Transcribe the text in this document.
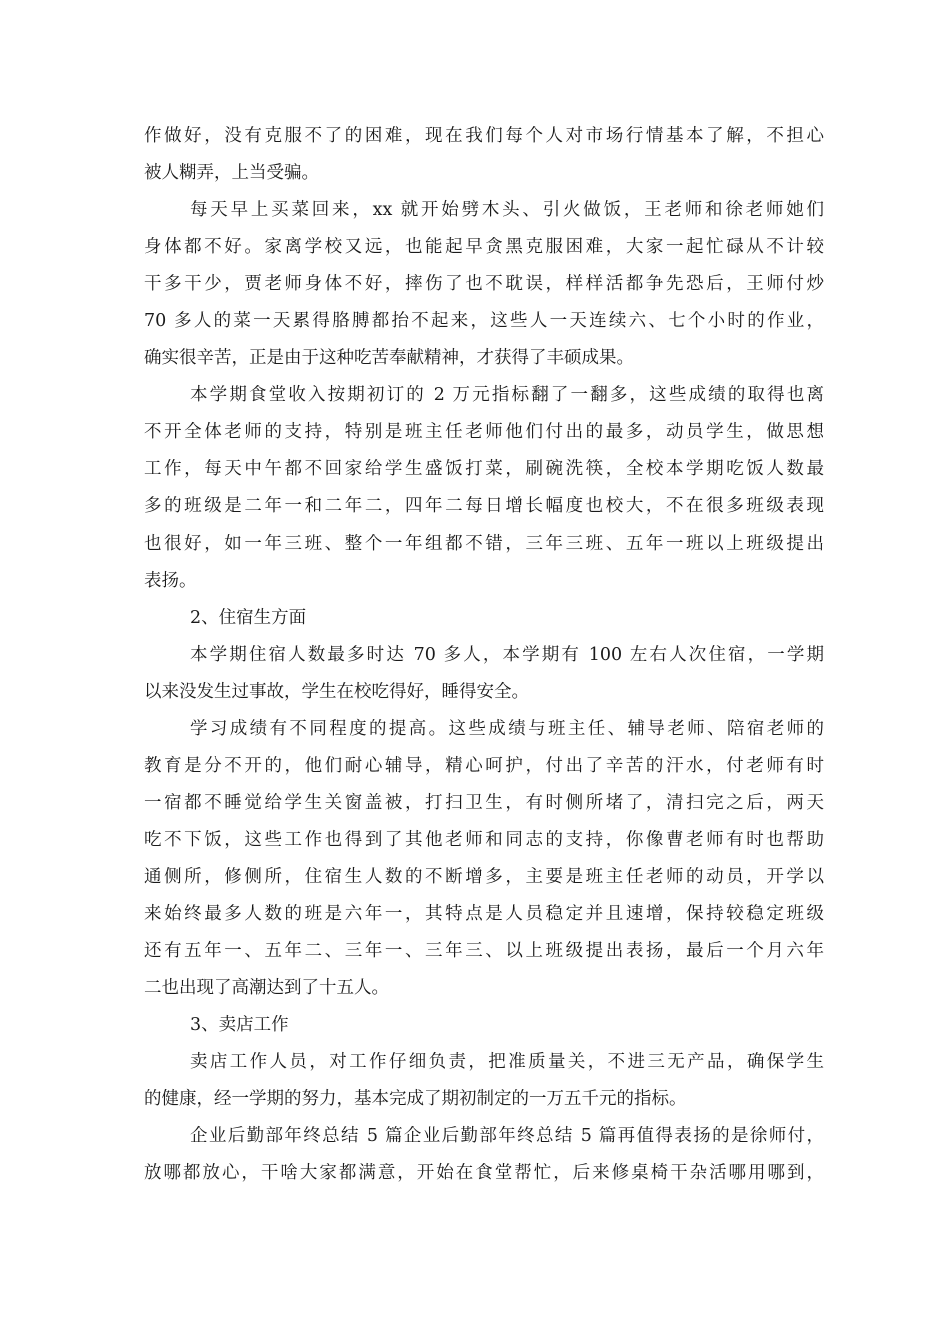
作做好，没有克服不了的困难，现在我们每个人对市场行情基本了解，不担心
被人糊弄，上当受骗。
每天早上买菜回来，xx 就开始劈木头、引火做饭，王老师和徐老师她们
身体都不好。家离学校又远，也能起早贪黑克服困难，大家一起忙碌从不计较
干多干少，贾老师身体不好，摔伤了也不耽误，样样活都争先恐后，王师付炒
70 多人的菜一天累得胳膊都抬不起来，这些人一天连续六、七个小时的作业，
确实很辛苦，正是由于这种吃苦奉献精神，才获得了丰硕成果。
本学期食堂收入按期初订的 2 万元指标翻了一翻多，这些成绩的取得也离
不开全体老师的支持，特别是班主任老师他们付出的最多，动员学生，做思想
工作，每天中午都不回家给学生盛饭打菜，刷碗洗筷，全校本学期吃饭人数最
多的班级是二年一和二年二，四年二每日增长幅度也校大，不在很多班级表现
也很好，如一年三班、整个一年组都不错，三年三班、五年一班以上班级提出
表扬。
2、住宿生方面
本学期住宿人数最多时达 70 多人，本学期有 100 左右人次住宿，一学期
以来没发生过事故，学生在校吃得好，睡得安全。
学习成绩有不同程度的提高。这些成绩与班主任、辅导老师、陪宿老师的
教育是分不开的，他们耐心辅导，精心呵护，付出了辛苦的汗水，付老师有时
一宿都不睡觉给学生关窗盖被，打扫卫生，有时侧所堵了，清扫完之后，两天
吃不下饭，这些工作也得到了其他老师和同志的支持，你像曹老师有时也帮助
通侧所，修侧所，住宿生人数的不断增多，主要是班主任老师的动员，开学以
来始终最多人数的班是六年一，其特点是人员稳定并且速增，保持较稳定班级
还有五年一、五年二、三年一、三年三、以上班级提出表扬，最后一个月六年
二也出现了高潮达到了十五人。
3、卖店工作
卖店工作人员，对工作仔细负责，把准质量关，不进三无产品，确保学生
的健康，经一学期的努力，基本完成了期初制定的一万五千元的指标。
企业后勤部年终总结 5 篇企业后勤部年终总结 5 篇再值得表扬的是徐师付，
放哪都放心，干啥大家都满意，开始在食堂帮忙，后来修桌椅干杂活哪用哪到，
